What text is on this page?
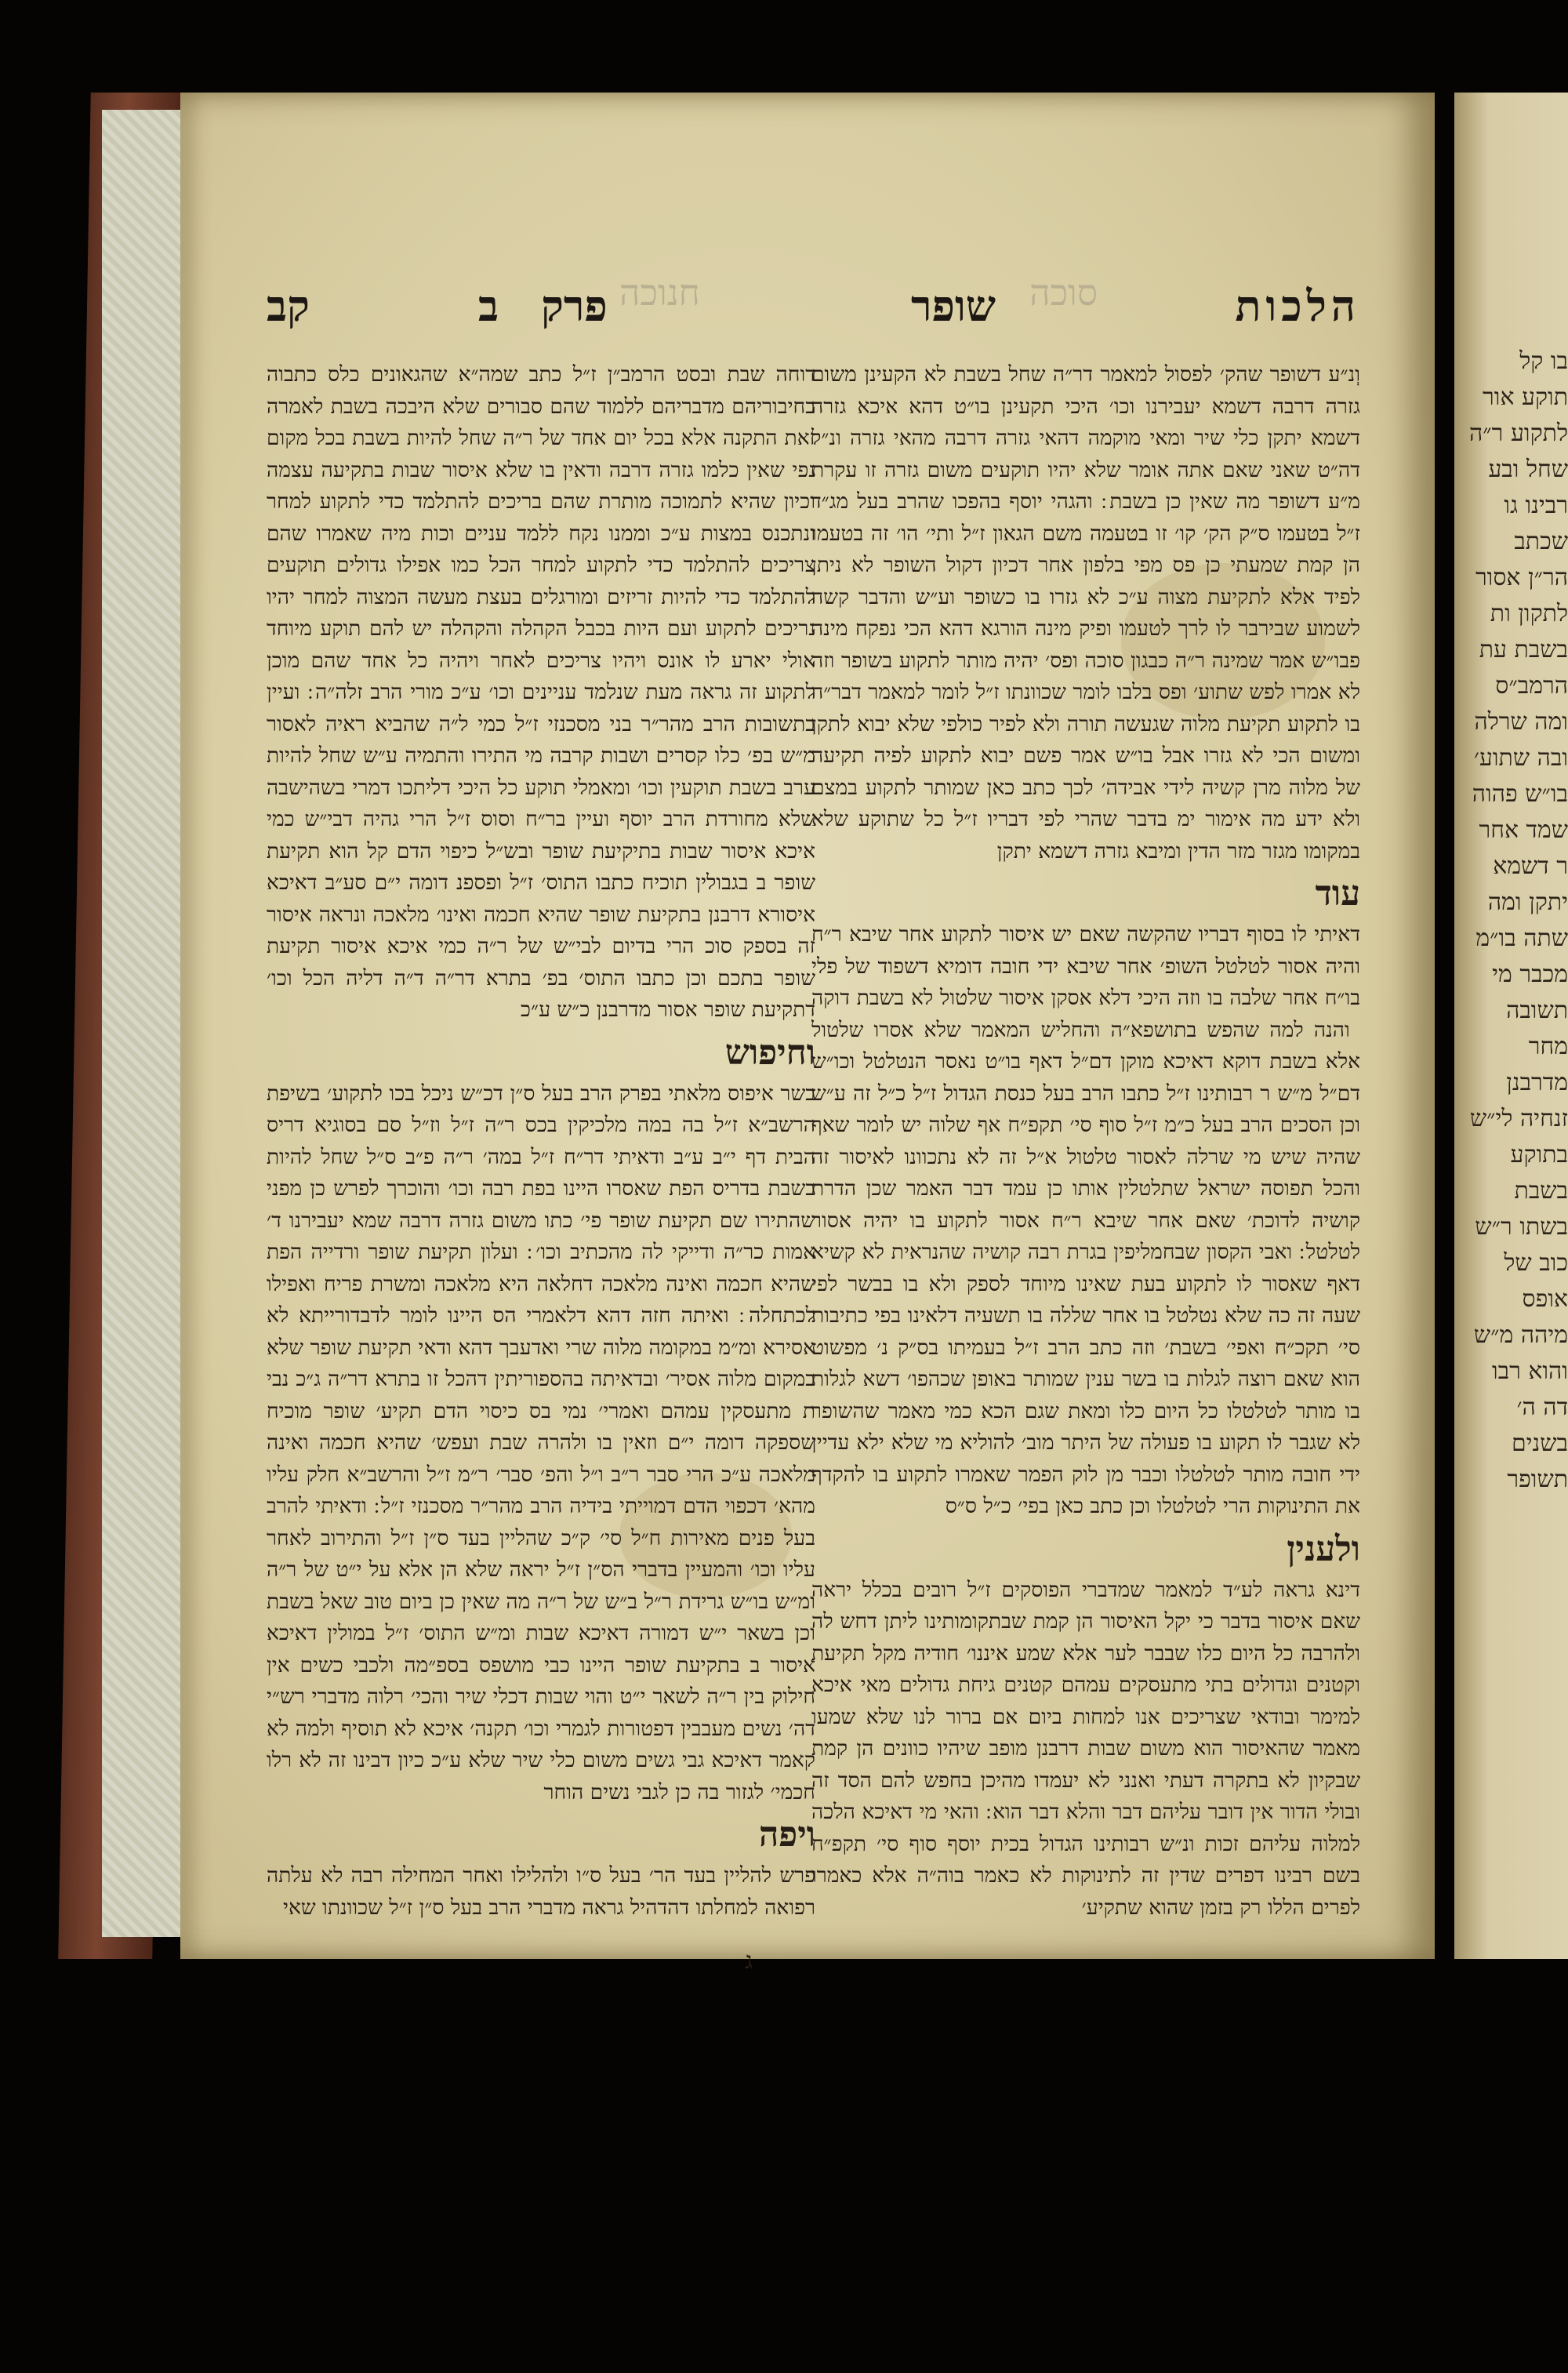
הלכות
שופר
פרק
ב
קב	סוכה
חנוכה

וְנ״ע דשופר שהק׳ לפסול למאמר דר״ה שחל בשבת לא הקעינן משום גזרה דרבה דשמא יעבירנו וכו׳ היכי תקעינן בו״ט דהא איכא גזרה דשמא יתקן כלי שיר ומאי מוקמה דהאי גזרה דרבה מהאי גזרה ונ״ל דה״ט שאני שאם אתה אומר שלא יהיו תוקעים משום גזרה זו עקרת מ״ע דשופר מה שאין כן בשבת ׃ והגהי יוסף בהפכו שהרב בעל מג״ד ז״ל בטעמו ס״ק הק׳ קו׳ זו בטעמה משם הגאון ז״ל ותי׳ הו׳ זה בטעמו הן קמת שמעתי כן פס מפי בלפון אחר דכיון דקול השופר לא ניתן לפיד אלא לתקיעת מצוה ע״כ לא גזרו בו כשופר וע״ש והדבר קשה לשמוע שבירבר לו לרך לטעמו ופיק מינה הורגא דהא הכי נפקח מינה פבו״ש אמר שמינה ר״ה כבגון סוכה ופס׳ יהיה מותר לתקוע בשופר וזה לא אמרו לפש שתוע׳ ופס בלבו לומר שכוונתו ז״ל לומר למאמר דבר״ה בו לתקוע תקיעת מלוה שגעשה תורה ולא לפיר כולפי שלא יבוא לתקן ומשום הכי לא גזרו אבל בו״ש אמר פשם יבוא לתקוע לפיה תקיעה של מלוה מרן קשיה לידי אבידה׳ לכך כתב כאן שמותר לתקוע במצם ולא ידע מה אימור ימ בדבר שהרי לפי דבריו ז״ל כל שתוקע שלא במקומו מגזר מזר הדין ומיבא גזרה דשמא יתקן

עוד

דאיתי לו בסוף דבריו שהקשה שאם יש איסור לתקוע אחר שיבא ר״ח והיה אסור לטלטל השופ׳ אחר שיבא ידי חובה דומיא דשפוד של פלי בו״ח אחר שלבה בו וזה היכי דלא אסקן איסור שלטול לא בשבת דוקה ׃ והנה למה שהפש בתושפא״ה והחליש המאמר שלא אסרו שלטול אלא בשבת דוקא דאיכא מוקן דם״ל דאף בו״ט נאסר הנטלטל וכו״ש דם״ל מ״ש ר רבותינו ז״ל כתבו הרב בעל כנסת הגדול ז״ל כ״ל זה ע״ש וכן הסכים הרב בעל כ״מ ז״ל סוף סי׳ תקפ״ח אף שלוה יש לומר שאף שהיה שיש מי שרלה לאסור טלטול א״ל זה לא נתכוונו לאיסור זה והכל תפוסה ישראל שתלטלין אותו כן עמד דבר האמר שכן הדרת קושיה לדוכת׳ שאם אחר שיבא ר״ח אסור לתקוע בו יהיה אסור לטלטל ׃ ואבי הקסון שבחמליפין בגרת רבה קושיה שהנראית לא קשיא דאף שאסור לו לתקוע בעת שאינו מיוחד לספק ולא בו בבשר לפי שעה זה כה שלא נטלטל בו אחר שללה בו תשעיה דלאינו בפי כתיבות סי׳ תקכ״ח ואפי׳ בשבת׳ וזה כתב הרב ז״ל בעמיתו בס״ק נ׳ מפשוט הוא שאם רוצה לגלות בו בשר ענין שמותר באופן שכהפו׳ דשא לגלות בו מותר לטלטלו כל היום כלו ומאת שגם הכא כמי מאמר שהשופר לא שגבר לו תקוע בו פעולה של היתר מוב׳ להוליא מי שלא ילא עדיין ידי חובה מותר לטלטלו וכבר מן לוק הפמר שאמרו לתקוע בו להקדף את התינוקות הרי לטלטלו וכן כתב כאן בפי׳ כ״ל ס״ס

ולענין

דינא גראה לע״ד למאמר שמדברי הפוסקים ז״ל רובים בכלל יראה שאם איסור בדבר כי יקל האיסור הן קמת שבתקומותינו ליתן דחש לה ולהרבה כל היום כלו שבבר לער אלא שמע איננו׳ חודיה מקל תקיעת וקטנים וגדולים בתי מתעסקים עמהם קטנים גיחת גדולים מאי איכא למימר ובודאי שצריכים אנו למחות ביום אם ברור לנו שלא שמעו מאמר שהאיסור הוא משום שבות דרבנן מופב שיהיו כוונים הן קמת שבקיון לא בתקרה דעתי ואנני לא יעמדו מהיכן בחפש להם הסד זה ובולי הדור אין דובר עליהם דבר והלא דבר הוא ׃ והאי מי דאיכא הלכה למלוה עליהם זכות ונ״ש רבותינו הגדול בכית יוסף סוף סי׳ תקפ״ח בשם רבינו דפרים שדין זה לתינוקות לא כאמר בוה״ה אלא כאמרו לפרים הללו רק בזמן שהוא שתקיע׳

דוחה שבת ובסט הרמב״ן ז״ל כתב שמה״א שהגאונים כלס כתבוה בחיבוריהם מדבריהם ללמוד שהם סבורים שלא היבכה בשבת לאמרה זאת התקנה אלא בכל יום אחד של ר״ה שחל להיות בשבת בכל מקום נפי שאין כלמו גזרה דרבה ודאין בו שלא איסור שבות בתקיעה עצמה וכיון שהיא לתמוכה מותרת שהם בריכים להתלמד כדי לתקוע למחר ונתכנס במצות ע״כ וממנו נקח ללמד עניים וכות מיה שאמרו שהם צריכים להתלמד כדי לתקוע למחר הכל כמו אפילו גדולים תוקעים להתלמד כדי להיות זריזים ומורגלים בעצת מעשה המצוה למחר יהיו נריכים לתקוע ועם היות בכבל הקהלה והקהלה יש להם תוקע מיוחד אולי יארע לו אונס ויהיו צריכים לאחר ויהיה כל אחד שהם מוכן לתקוע זה גראה מעת שנלמד עניינים וכו׳ ע״כ מורי הרב זלה״ה ׃ ועיין בתשובות הרב מהר״ר בני מסכנזי ז״ל כמי ל״ה שהביא ראיה לאסור מ״ש בפ׳ כלו קסרים ושבות קרבה מי התירו והתמיה ע״ש שחל להיות ערב בשבת תוקעין וכו׳ ומאמלי תוקע כל היכי דליתכו דמרי בשהישבה שלא מחורדת הרב יוסף ועיין בר״ח וסוס ז״ל הרי גהיה דבי״ש כמי איכא איסור שבות בתיקיעת שופר ובש״ל כיפוי הדם קל הוא תקיעת שופר ב בגבולין תוכיח כתבו התוס׳ ז״ל ופספנ דומה י״ם סע״ב דאיכא איסורא דרבנן בתקיעת שופר שהיא חכמה ואינו׳ מלאכה ונראה איסור זה בספק סוכ הרי בדיום לבי״ש של ר״ה כמי איכא איסור תקיעת שופר בתכם וכן כתבו התוס׳ בפ׳ בתרא דר״ה ד״ה דליה הכל וכו׳ דתקיעת שופר אסור מדרבנן כ״ש ע״כ

וחיפוש

בשר איפוס מלאתי בפרק הרב בעל ס״ן דכ״ש ניכל בכו לתקוע׳ בשיפת הרשב״א ז״ל בה במה מלכיקין בכס ר״ה ז״ל וז״ל סם בסוגיא דריס הבית דף י״ב ע״ב ודאיתי דר״ח ז״ל במה׳ ר״ה פ״ב ס״ל שחל להיות בשבת בדריס הפת שאסרו היינו בפת רבה וכו׳ והוכרך לפרש כן מפני שהתירו שם תקיעת שופר פי׳ כתו משום גזרה דרבה שמא יעבירנו ד׳ אמות כר״ה ודייקי לה מהכתיב וכו׳ ׃ ועלון תקיעת שופר ורדייה הפת שהיא חכמה ואינה מלאכה דחלאה היא מלאכה ומשרת פריח ואפילו לכתחלה ׃ ואיתה חזה דהא דלאמרי הס היינו לומר לדבדורייתא לא אסירא ומ״מ במקומה מלוה שרי ואדעבך דהא ודאי תקיעת שופר שלא במקום מלוה אסיר׳ ובדאיתה בהספוריתין דהכל זו בתרא דר״ה ג״כ נבי ת מתעסקין עמהם ואמרי׳ נמי בס כיסוי הדם תקיע׳ שופר מוכיח שספקה דומה י״ם וזאין בו ולהרה שבת ועפש׳ שהיא חכמה ואינה מלאכה ע״כ הרי סבר ר״ב ו״ל והפ׳ סבר׳ ר״מ ז״ל והרשב״א חלק עליו מהא׳ דכפוי הדם דמוייתי בידיה הרב מהר״ר מסכנזי ז״ל ׃ ודאיתי להרב בעל פנים מאירות ח״ל סי׳ ק״כ שהליין בעד ס״ן ז״ל והתירוב לאחר עליו וכו׳ והמעיין בדברי הס״ן ז״ל יראה שלא הן אלא על י״ט של ר״ה ומ״ש בו״ש גרידת ר״ל ב״ש של ר״ה מה שאין כן ביום טוב שאל בשבת וכן בשאר י״ש דמורה דאיכא שבות ומ״ש התוס׳ ז״ל במולין דאיכא איסור ב בתקיעת שופר היינו כבי מושפס בספ״מה ולכבי כשים אין חילוק בין ר״ה לשאר י״ט והוי שבות דכלי שיר והכי׳ רלוה מדברי רש״י דה׳ נשים מעבבין דפטורות לגמרי וכו׳ תקנה׳ איכא לא תוסיף ולמה לא קאמר דאיכא גבי גשים משום כלי שיר שלא ע״כ כיון דבינו זה לא רלו חכמי׳ לגזור בה כן לגבי נשים הוחר

ויפה

פרש להליין בעד הר׳ בעל ס״ו ולהלילו ואחר המחילה רבה לא עלתה רפואה למחלתו דהדהיל גראה מדברי הרב בעל ס״ן ז״ל שכוונתו שאי

ג
בו קל תוקע אור לתקוע ר״ה שחל ובע רבינו גו שכתב הר״ן אסור לתקון ות בשבת עת הרמב״ס ומה שרלה ובה שתוע׳ בו״ש פהוה שמד אחר ר דשמא יתקן ומה שתה בו״מ מכבר מי תשובה מחר מדרבנן זנחיה לי״ש בתוקע בשבת בשתו ר״ש כוב של אופס מיהה מ״ש והוא רבו דה ה׳ בשנים תשופר
